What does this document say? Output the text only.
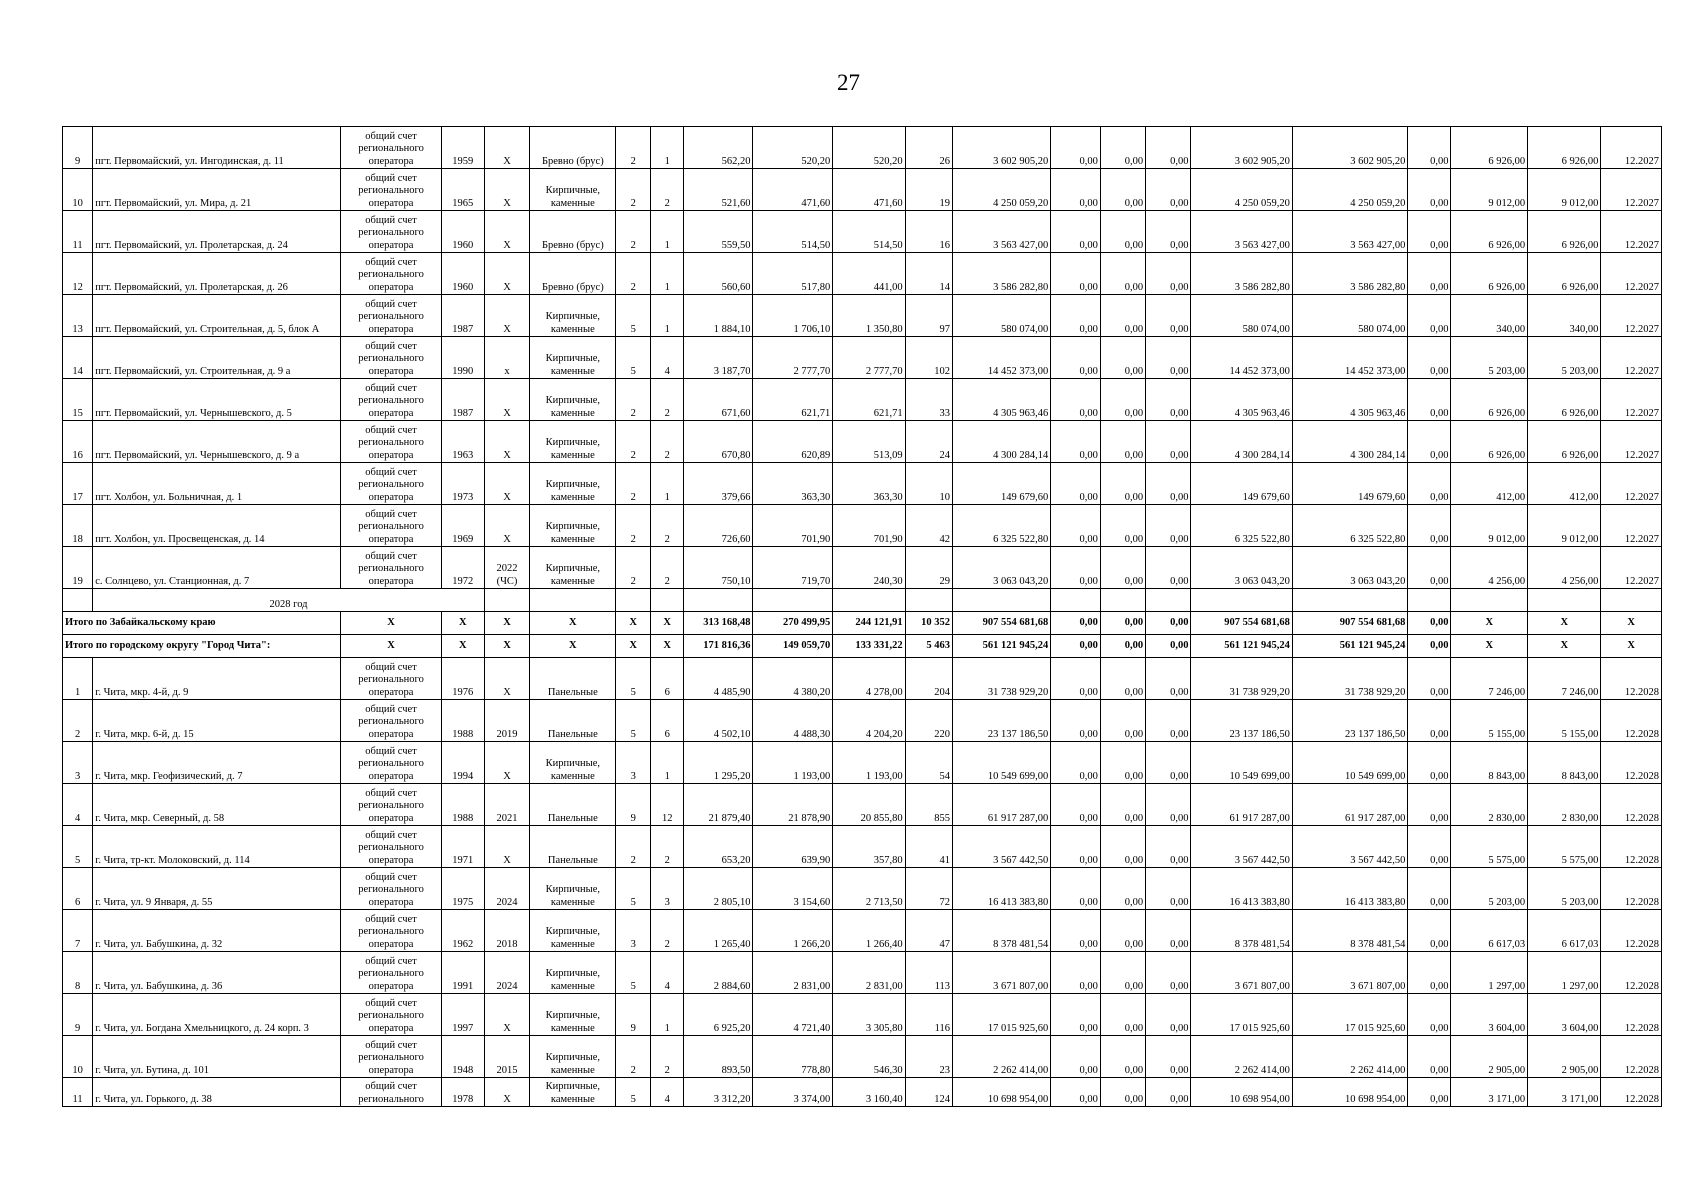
27
9	пгт. Первомайский, ул. Ингодинская, д. 11	общий счет регионального оператора	1959	X	Бревно (брус)	2	1	562,20	520,20	520,20	26	3 602 905,20	0,00	0,00	0,00	3 602 905,20	3 602 905,20	0,00	6 926,00	6 926,00	12.2027
10	пгт. Первомайский, ул. Мира, д. 21	общий счет регионального оператора	1965	X	Кирпичные, каменные	2	2	521,60	471,60	471,60	19	4 250 059,20	0,00	0,00	0,00	4 250 059,20	4 250 059,20	0,00	9 012,00	9 012,00	12.2027
11	пгт. Первомайский, ул. Пролетарская, д. 24	общий счет регионального оператора	1960	X	Бревно (брус)	2	1	559,50	514,50	514,50	16	3 563 427,00	0,00	0,00	0,00	3 563 427,00	3 563 427,00	0,00	6 926,00	6 926,00	12.2027
12	пгт. Первомайский, ул. Пролетарская, д. 26	общий счет регионального оператора	1960	X	Бревно (брус)	2	1	560,60	517,80	441,00	14	3 586 282,80	0,00	0,00	0,00	3 586 282,80	3 586 282,80	0,00	6 926,00	6 926,00	12.2027
13	пгт. Первомайский, ул. Строительная, д. 5, блок А	общий счет регионального оператора	1987	X	Кирпичные, каменные	5	1	1 884,10	1 706,10	1 350,80	97	580 074,00	0,00	0,00	0,00	580 074,00	580 074,00	0,00	340,00	340,00	12.2027
14	пгт. Первомайский, ул. Строительная, д. 9 а	общий счет регионального оператора	1990	x	Кирпичные, каменные	5	4	3 187,70	2 777,70	2 777,70	102	14 452 373,00	0,00	0,00	0,00	14 452 373,00	14 452 373,00	0,00	5 203,00	5 203,00	12.2027
15	пгт. Первомайский, ул. Чернышевского, д. 5	общий счет регионального оператора	1987	X	Кирпичные, каменные	2	2	671,60	621,71	621,71	33	4 305 963,46	0,00	0,00	0,00	4 305 963,46	4 305 963,46	0,00	6 926,00	6 926,00	12.2027
16	пгт. Первомайский, ул. Чернышевского, д. 9 а	общий счет регионального оператора	1963	X	Кирпичные, каменные	2	2	670,80	620,89	513,09	24	4 300 284,14	0,00	0,00	0,00	4 300 284,14	4 300 284,14	0,00	6 926,00	6 926,00	12.2027
17	пгт. Холбон, ул. Больничная, д. 1	общий счет регионального оператора	1973	X	Кирпичные, каменные	2	1	379,66	363,30	363,30	10	149 679,60	0,00	0,00	0,00	149 679,60	149 679,60	0,00	412,00	412,00	12.2027
18	пгт. Холбон, ул. Просвещенская, д. 14	общий счет регионального оператора	1969	X	Кирпичные, каменные	2	2	726,60	701,90	701,90	42	6 325 522,80	0,00	0,00	0,00	6 325 522,80	6 325 522,80	0,00	9 012,00	9 012,00	12.2027
19	с. Солнцево, ул. Станционная, д. 7	общий счет регионального оператора	1972	2022 (ЧС)	Кирпичные, каменные	2	2	750,10	719,70	240,30	29	3 063 043,20	0,00	0,00	0,00	3 063 043,20	3 063 043,20	0,00	4 256,00	4 256,00	12.2027
	2028 год																				
Итого по Забайкальскому краю		X	X	X	X	X	X	313 168,48	270 499,95	244 121,91	10 352	907 554 681,68	0,00	0,00	0,00	907 554 681,68	907 554 681,68	0,00	X	X	X
Итого по городскому округу "Город Чита":		X	X	X	X	X	X	171 816,36	149 059,70	133 331,22	5 463	561 121 945,24	0,00	0,00	0,00	561 121 945,24	561 121 945,24	0,00	X	X	X
1	г. Чита, мкр. 4-й, д. 9	общий счет регионального оператора	1976	X	Панельные	5	6	4 485,90	4 380,20	4 278,00	204	31 738 929,20	0,00	0,00	0,00	31 738 929,20	31 738 929,20	0,00	7 246,00	7 246,00	12.2028
2	г. Чита, мкр. 6-й, д. 15	общий счет регионального оператора	1988	2019	Панельные	5	6	4 502,10	4 488,30	4 204,20	220	23 137 186,50	0,00	0,00	0,00	23 137 186,50	23 137 186,50	0,00	5 155,00	5 155,00	12.2028
3	г. Чита, мкр. Геофизический, д. 7	общий счет регионального оператора	1994	X	Кирпичные, каменные	3	1	1 295,20	1 193,00	1 193,00	54	10 549 699,00	0,00	0,00	0,00	10 549 699,00	10 549 699,00	0,00	8 843,00	8 843,00	12.2028
4	г. Чита, мкр. Северный, д. 58	общий счет регионального оператора	1988	2021	Панельные	9	12	21 879,40	21 878,90	20 855,80	855	61 917 287,00	0,00	0,00	0,00	61 917 287,00	61 917 287,00	0,00	2 830,00	2 830,00	12.2028
5	г. Чита, тр-кт. Молоковский, д. 114	общий счет регионального оператора	1971	X	Панельные	2	2	653,20	639,90	357,80	41	3 567 442,50	0,00	0,00	0,00	3 567 442,50	3 567 442,50	0,00	5 575,00	5 575,00	12.2028
6	г. Чита, ул. 9 Января, д. 55	общий счет регионального оператора	1975	2024	Кирпичные, каменные	5	3	2 805,10	3 154,60	2 713,50	72	16 413 383,80	0,00	0,00	0,00	16 413 383,80	16 413 383,80	0,00	5 203,00	5 203,00	12.2028
7	г. Чита, ул. Бабушкина, д. 32	общий счет регионального оператора	1962	2018	Кирпичные, каменные	3	2	1 265,40	1 266,20	1 266,40	47	8 378 481,54	0,00	0,00	0,00	8 378 481,54	8 378 481,54	0,00	6 617,03	6 617,03	12.2028
8	г. Чита, ул. Бабушкина, д. 36	общий счет регионального оператора	1991	2024	Кирпичные, каменные	5	4	2 884,60	2 831,00	2 831,00	113	3 671 807,00	0,00	0,00	0,00	3 671 807,00	3 671 807,00	0,00	1 297,00	1 297,00	12.2028
9	г. Чита, ул. Богдана Хмельницкого, д. 24 корп. 3	общий счет регионального оператора	1997	X	Кирпичные, каменные	9	1	6 925,20	4 721,40	3 305,80	116	17 015 925,60	0,00	0,00	0,00	17 015 925,60	17 015 925,60	0,00	3 604,00	3 604,00	12.2028
10	г. Чита, ул. Бутина, д. 101	общий счет регионального оператора	1948	2015	Кирпичные, каменные	2	2	893,50	778,80	546,30	23	2 262 414,00	0,00	0,00	0,00	2 262 414,00	2 262 414,00	0,00	2 905,00	2 905,00	12.2028
11	г. Чита, ул. Горького, д. 38	общий счет регионального	1978	X	Кирпичные, каменные	5	4	3 312,20	3 374,00	3 160,40	124	10 698 954,00	0,00	0,00	0,00	10 698 954,00	10 698 954,00	0,00	3 171,00	3 171,00	12.2028
